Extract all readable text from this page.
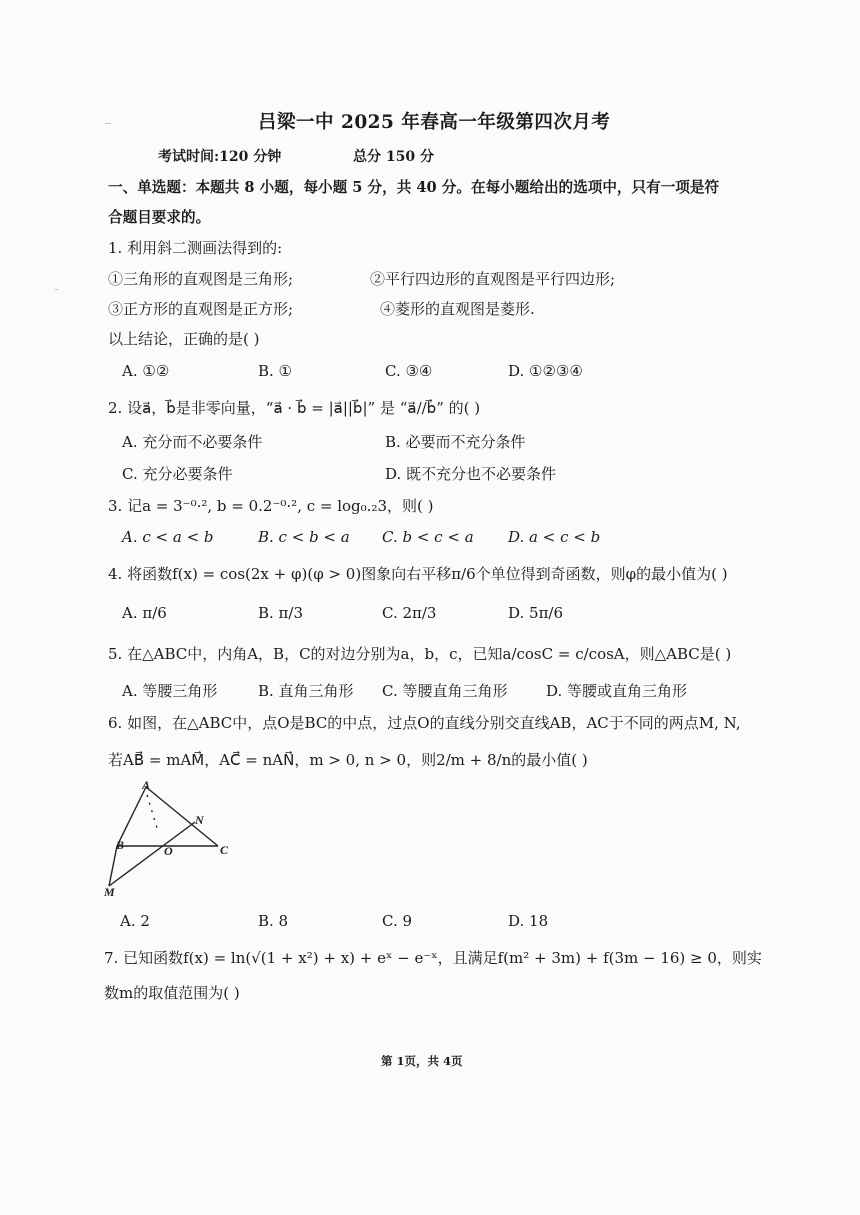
吕梁一中 2025 年春高一年级第四次月考
考试时间:120 分钟	总分 150 分
一、单选题：本题共 8 小题，每小题 5 分，共 40 分。在每小题给出的选项中，只有一项是符
合题目要求的。
1. 利用斜二测画法得到的:
①三角形的直观图是三角形;	②平行四边形的直观图是平行四边形;
③正方形的直观图是正方形;	④菱形的直观图是菱形.
以上结论，正确的是( )
A. ①②	B. ①	C. ③④	D. ①②③④
2. 设a⃗，b⃗是非零向量，“a⃗ · b⃗ = |a⃗||b⃗|” 是 “a⃗//b⃗” 的( )
A. 充分而不必要条件	B. 必要而不充分条件
C. 充分必要条件	D. 既不充分也不必要条件
3. 记a = 3⁻⁰·², b = 0.2⁻⁰·², c = log₀.₂3，则( )
A. c < a < b	B. c < b < a C. b < c < a D. a < c < b
4. 将函数f(x) = cos(2x + φ)(φ > 0)图象向右平移π/6个单位得到奇函数，则φ的最小值为( )
A. π/6	B. π/3	C. 2π/3	D. 5π/6
5. 在△ABC中，内角A，B，C的对边分别为a，b，c，已知a/cosC = c/cosA，则△ABC是( )
A. 等腰三角形	B. 直角三角形 C. 等腰直角三角形	D. 等腰或直角三角形
6. 如图，在△ABC中，点O是BC的中点，过点O的直线分别交直线AB，AC于不同的两点M, N,
若AB⃗ = mAM⃗，AC⃗ = nAN⃗，m > 0, n > 0，则2/m + 8/n的最小值( )
A
B	O
N
C
M
A. 2	B. 8	C. 9	D. 18
7. 已知函数f(x) = ln(√(1 + x²) + x) + eˣ − e⁻ˣ，且满足f(m² + 3m) + f(3m − 16) ≥ 0，则实
数m的取值范围为( )
第 1页，共 4页
